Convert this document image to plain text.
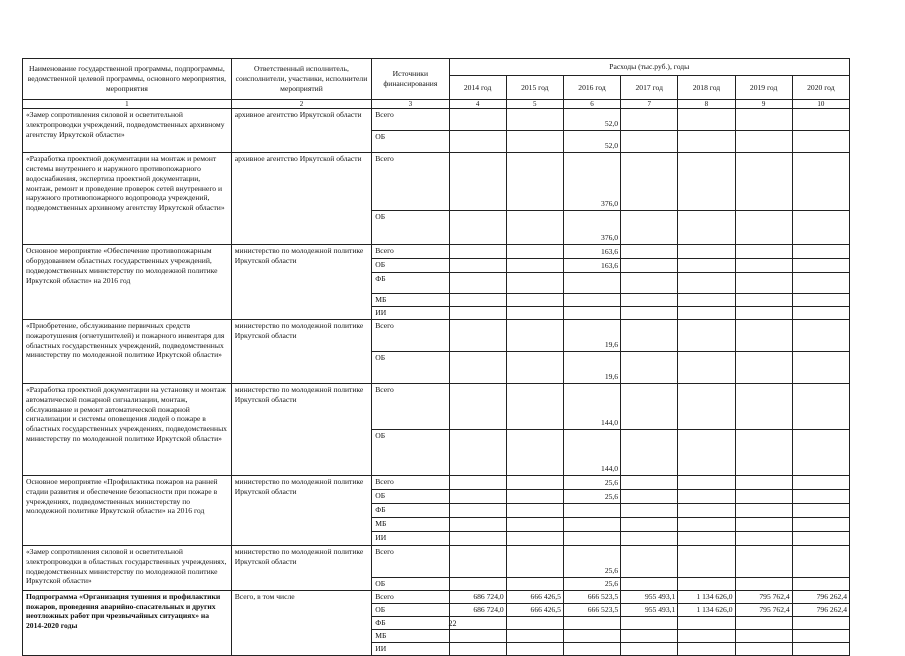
Наименование государственной программы, подпрограммы, ведомственной целевой программы, основного мероприятия, мероприятия	Ответственный исполнитель, соисполнители, участники, исполнители мероприятий	Источники финансирования	Расходы (тыс.руб.), годы						
			2014 год	2015 год	2016 год	2017 год	2018 год	2019 год	2020 год
1	2	3	4	5	6	7	8	9	10
«Замер сопротивления силовой и осветительной электропроводки учреждений, подведомственных архивному агентству Иркутской области»	архивное агентство Иркутской области	Всего			52,0				
		ОБ			52,0				
«Разработка проектной документации на монтаж и ремонт системы внутреннего и наружного противопожарного водоснабжения, экспертиза проектной документации, монтаж, ремонт и проведение проверок сетей внутреннего и наружного противопожарного водопровода учреждений, подведомственных архивному агентству Иркутской области»	архивное агентство Иркутской области	Всего			376,0				
		ОБ			376,0				
Основное мероприятие «Обеспечение противопожарным оборудованием областных государственных учреждений, подведомственных министерству по молодежной политике Иркутской области» на 2016 год	министерство по молодежной политике Иркутской области	Всего			163,6				
		ОБ			163,6				
		ФБ							
		МБ							
		ИИ							
«Приобретение, обслуживание первичных средств пожаротушения (огнетушителей) и пожарного инвентаря для областных государственных учреждений, подведомственных министерству по молодежной политике Иркутской области»	министерство по молодежной политике Иркутской области	Всего			19,6				
		ОБ			19,6				
«Разработка проектной документации на установку и монтаж автоматической пожарной сигнализации, монтаж, обслуживание и ремонт автоматической пожарной сигнализации и системы оповещения людей о пожаре в областных государственных учреждениях, подведомственных министерству по молодежной политике Иркутской области»	министерство по молодежной политике Иркутской области	Всего			144,0				
		ОБ			144,0				
Основное мероприятие «Профилактика пожаров на ранней стадии развития и обеспечение безопасности при пожаре в учреждениях, подведомственных министерству по молодежной политике Иркутской области» на 2016 год	министерство по молодежной политике Иркутской области	Всего			25,6				
		ОБ			25,6				
		ФБ							
		МБ							
		ИИ							
«Замер сопротивления силовой и осветительной электропроводки в областных государственных учреждениях, подведомственных министерству по молодежной политике Иркутской области»	министерство по молодежной политике Иркутской области	Всего			25,6				
		ОБ			25,6				
Подпрограмма «Организация тушения и профилактики пожаров, проведения аварийно-спасательных и других неотложных работ при чрезвычайных ситуациях» на 2014-2020 годы	Всего, в том числе	Всего	686 724,0	666 426,5	666 523,5	955 493,1	1 134 626,0	795 762,4	796 262,4
		ОБ	686 724,0	666 426,5	666 523,5	955 493,1	1 134 626,0	795 762,4	796 262,4
		ФБ							
		МБ							
		ИИ							
22
